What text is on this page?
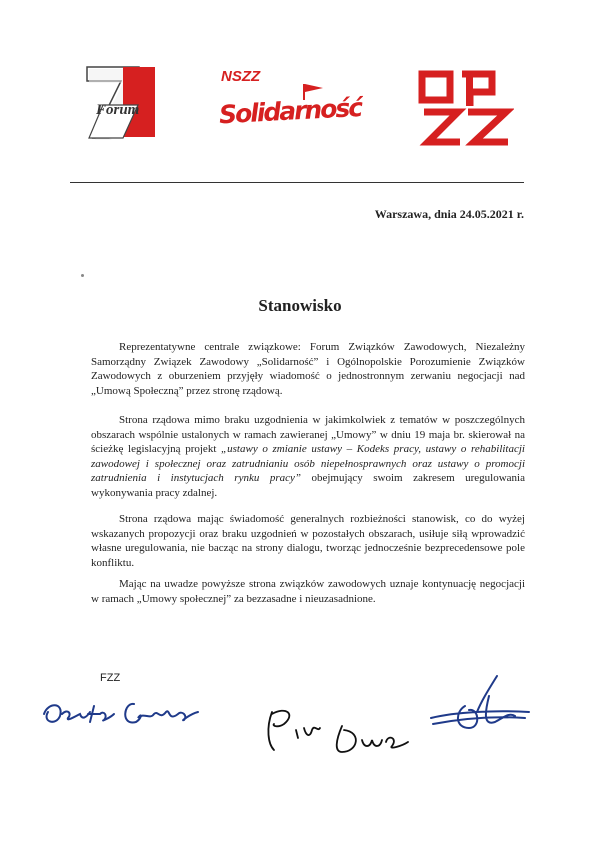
Forum
NSZZ
Solidarność
Warszawa, dnia 24.05.2021 r.
Stanowisko

Reprezentatywne centrale związkowe: Forum Związków Zawodowych, Niezależny Samorządny Związek Zawodowy „Solidarność” i Ogólnopolskie Porozumienie Związków Zawodowych z oburzeniem przyjęły wiadomość o jednostronnym zerwaniu negocjacji nad „Umową Społeczną” przez stronę rządową.

Strona rządowa mimo braku uzgodnienia w jakimkolwiek z tematów w poszczególnych obszarach wspólnie ustalonych w ramach zawieranej „Umowy” w dniu 19 maja br. skierował na ścieżkę legislacyjną projekt „ustawy o zmianie ustawy – Kodeks pracy, ustawy o rehabilitacji zawodowej i społecznej oraz zatrudnianiu osób niepełnosprawnych oraz ustawy o promocji zatrudnienia i instytucjach rynku pracy” obejmujący swoim zakresem uregulowania wykonywania pracy zdalnej.

Strona rządowa mając świadomość generalnych rozbieżności stanowisk, co do wyżej wskazanych propozycji oraz braku uzgodnień w pozostałych obszarach, usiłuje siłą wprowadzić własne uregulowania, nie bacząc na strony dialogu, tworząc jednocześnie bezprecedensowe pole konfliktu.

Mając na uwadze powyższe strona związków zawodowych uznaje kontynuację negocjacji w ramach „Umowy społecznej” za bezzasadne i nieuzasadnione.

FZZ
